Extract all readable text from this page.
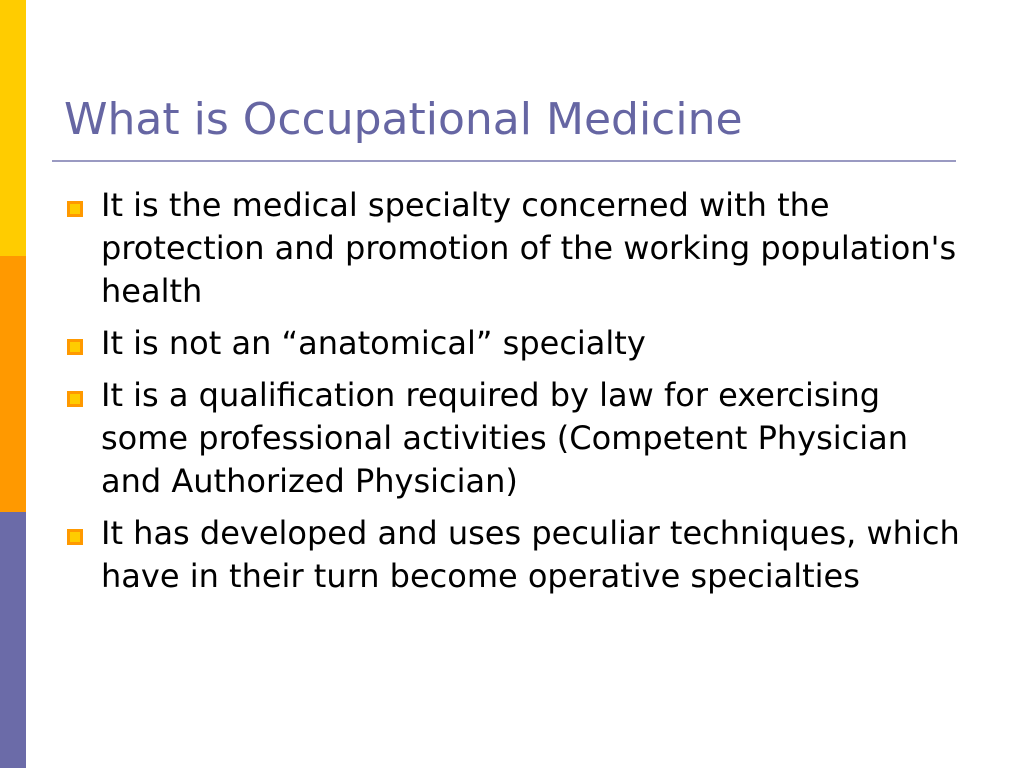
What is Occupational Medicine
It is the medical specialty concerned with the protection and promotion of the working population's health
It is not an “anatomical” specialty
It is a qualification required by law for exercising some professional activities (Competent Physician and Authorized Physician)
It has developed and uses peculiar techniques, which have in their turn become operative specialties
